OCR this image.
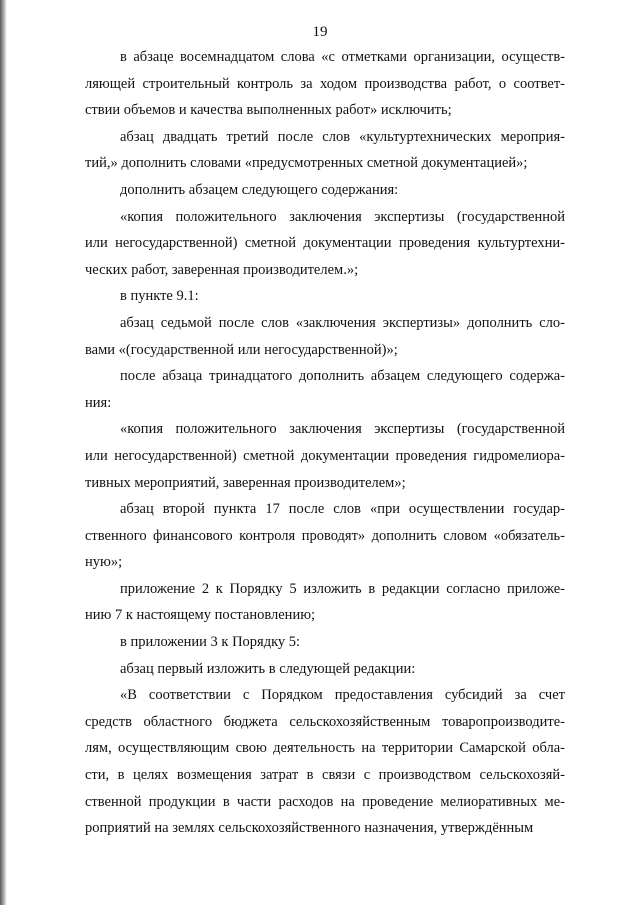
19

в абзаце восемнадцатом слова «с отметками организации, осуществ-
ляющей строительный контроль за ходом производства работ, о соответ-
ствии объемов и качества выполненных работ» исключить;

абзац двадцать третий после слов «культуртехнических мероприя-
тий,» дополнить словами «предусмотренных сметной документацией»;

дополнить абзацем следующего содержания:

«копия положительного заключения экспертизы (государственной
или негосударственной) сметной документации проведения культуртехни-
ческих работ, заверенная производителем.»;

в пункте 9.1:

абзац седьмой после слов «заключения экспертизы» дополнить сло-
вами «(государственной или негосударственной)»;

после абзаца тринадцатого дополнить абзацем следующего содержа-
ния:

«копия положительного заключения экспертизы (государственной
или негосударственной) сметной документации проведения гидромелиора-
тивных мероприятий, заверенная производителем»;

абзац второй пункта 17 после слов «при осуществлении государ-
ственного финансового контроля проводят» дополнить словом «обязатель-
ную»;

приложение 2 к Порядку 5 изложить в редакции согласно приложе-
нию 7 к настоящему постановлению;

в приложении 3 к Порядку 5:

абзац первый изложить в следующей редакции:

«В соответствии с Порядком предоставления субсидий за счет
средств областного бюджета сельскохозяйственным товаропроизводите-
лям, осуществляющим свою деятельность на территории Самарской обла-
сти, в целях возмещения затрат в связи с производством сельскохозяй-
ственной продукции в части расходов на проведение мелиоративных ме-
роприятий на землях сельскохозяйственного назначения, утверждённым
